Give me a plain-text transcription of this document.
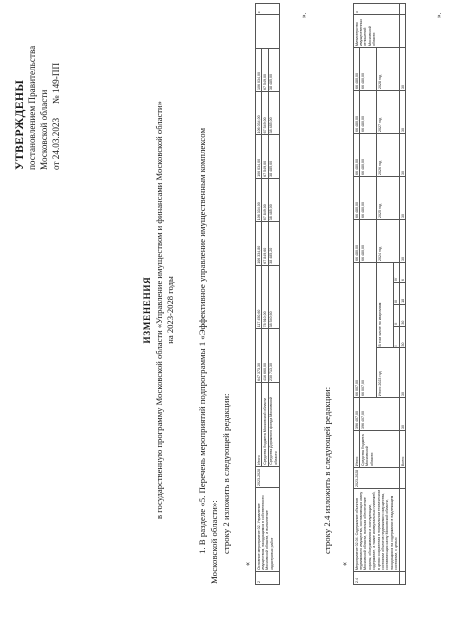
УТВЕРЖДЕНЫ постановлением Правительства Московской области от 24.03.2023      № 149-ПП
ИЗМЕНЕНИЯ в государственную программу Московской области «Управление имуществом и финансами Московской области» на 2023-2028 годы	1. В разделе «5. Перечень мероприятий подпрограммы 1 «Эффективное управление имущественным комплексом Московской области»: строку 2 изложить в следующей редакции:
«
2	Основное мероприятие 02. Управление имуществом, находящимся в собственности Московской области, и выполнение кадастровых работ	2023-2028	Итого	647 373,30	117 450,60	106 334,80	106 334,00	106 034,00	106 034,00	106 034,00		x
			Средства бюджета Московской области	416 660,00	78 910,00	67 849,60	67 849,00	67 549,00	67 549,00	67 549,00		
			Средства Дорожного фонда Московской области	230 713,30	38 540,60	38 485,20	38 485,00	38 485,00	38 485,00	38 485,00		
».
строку 2.4 изложить в следующей редакции:
«
2.4	Мероприятие 02.04. Содержание объектов недвижимого имущества, составляющих казну Московской области, включая обеспечение охраны, обслуживания и эксплуатации, содержание, а также коммунальных платежей, в целях сохранения в нормальном техническом состоянии объектов недвижимого имущества, составляющих казну Московской области, находящихся на содержании в надлежащем состоянии, с целью	2023-2028	Итого	396 407,00	66 007,00					66 480,00	66 480,00	66 480,00	66 480,00	66 480,00	Министерство имущественных отношений Московской области	x
			Средства бюджета Московской области	396 407,00	66 007,00					66 480,00	66 480,00	66 480,00	66 480,00	66 480,00		
					Итого 2023 год	В том числе по кварталам:				2024 год	2025 год	2026 год	2027 год	2028 год		
						I	II	III	IV							
			Всего	30	30	30	30	18	6	30	30	30	30	30		
».
